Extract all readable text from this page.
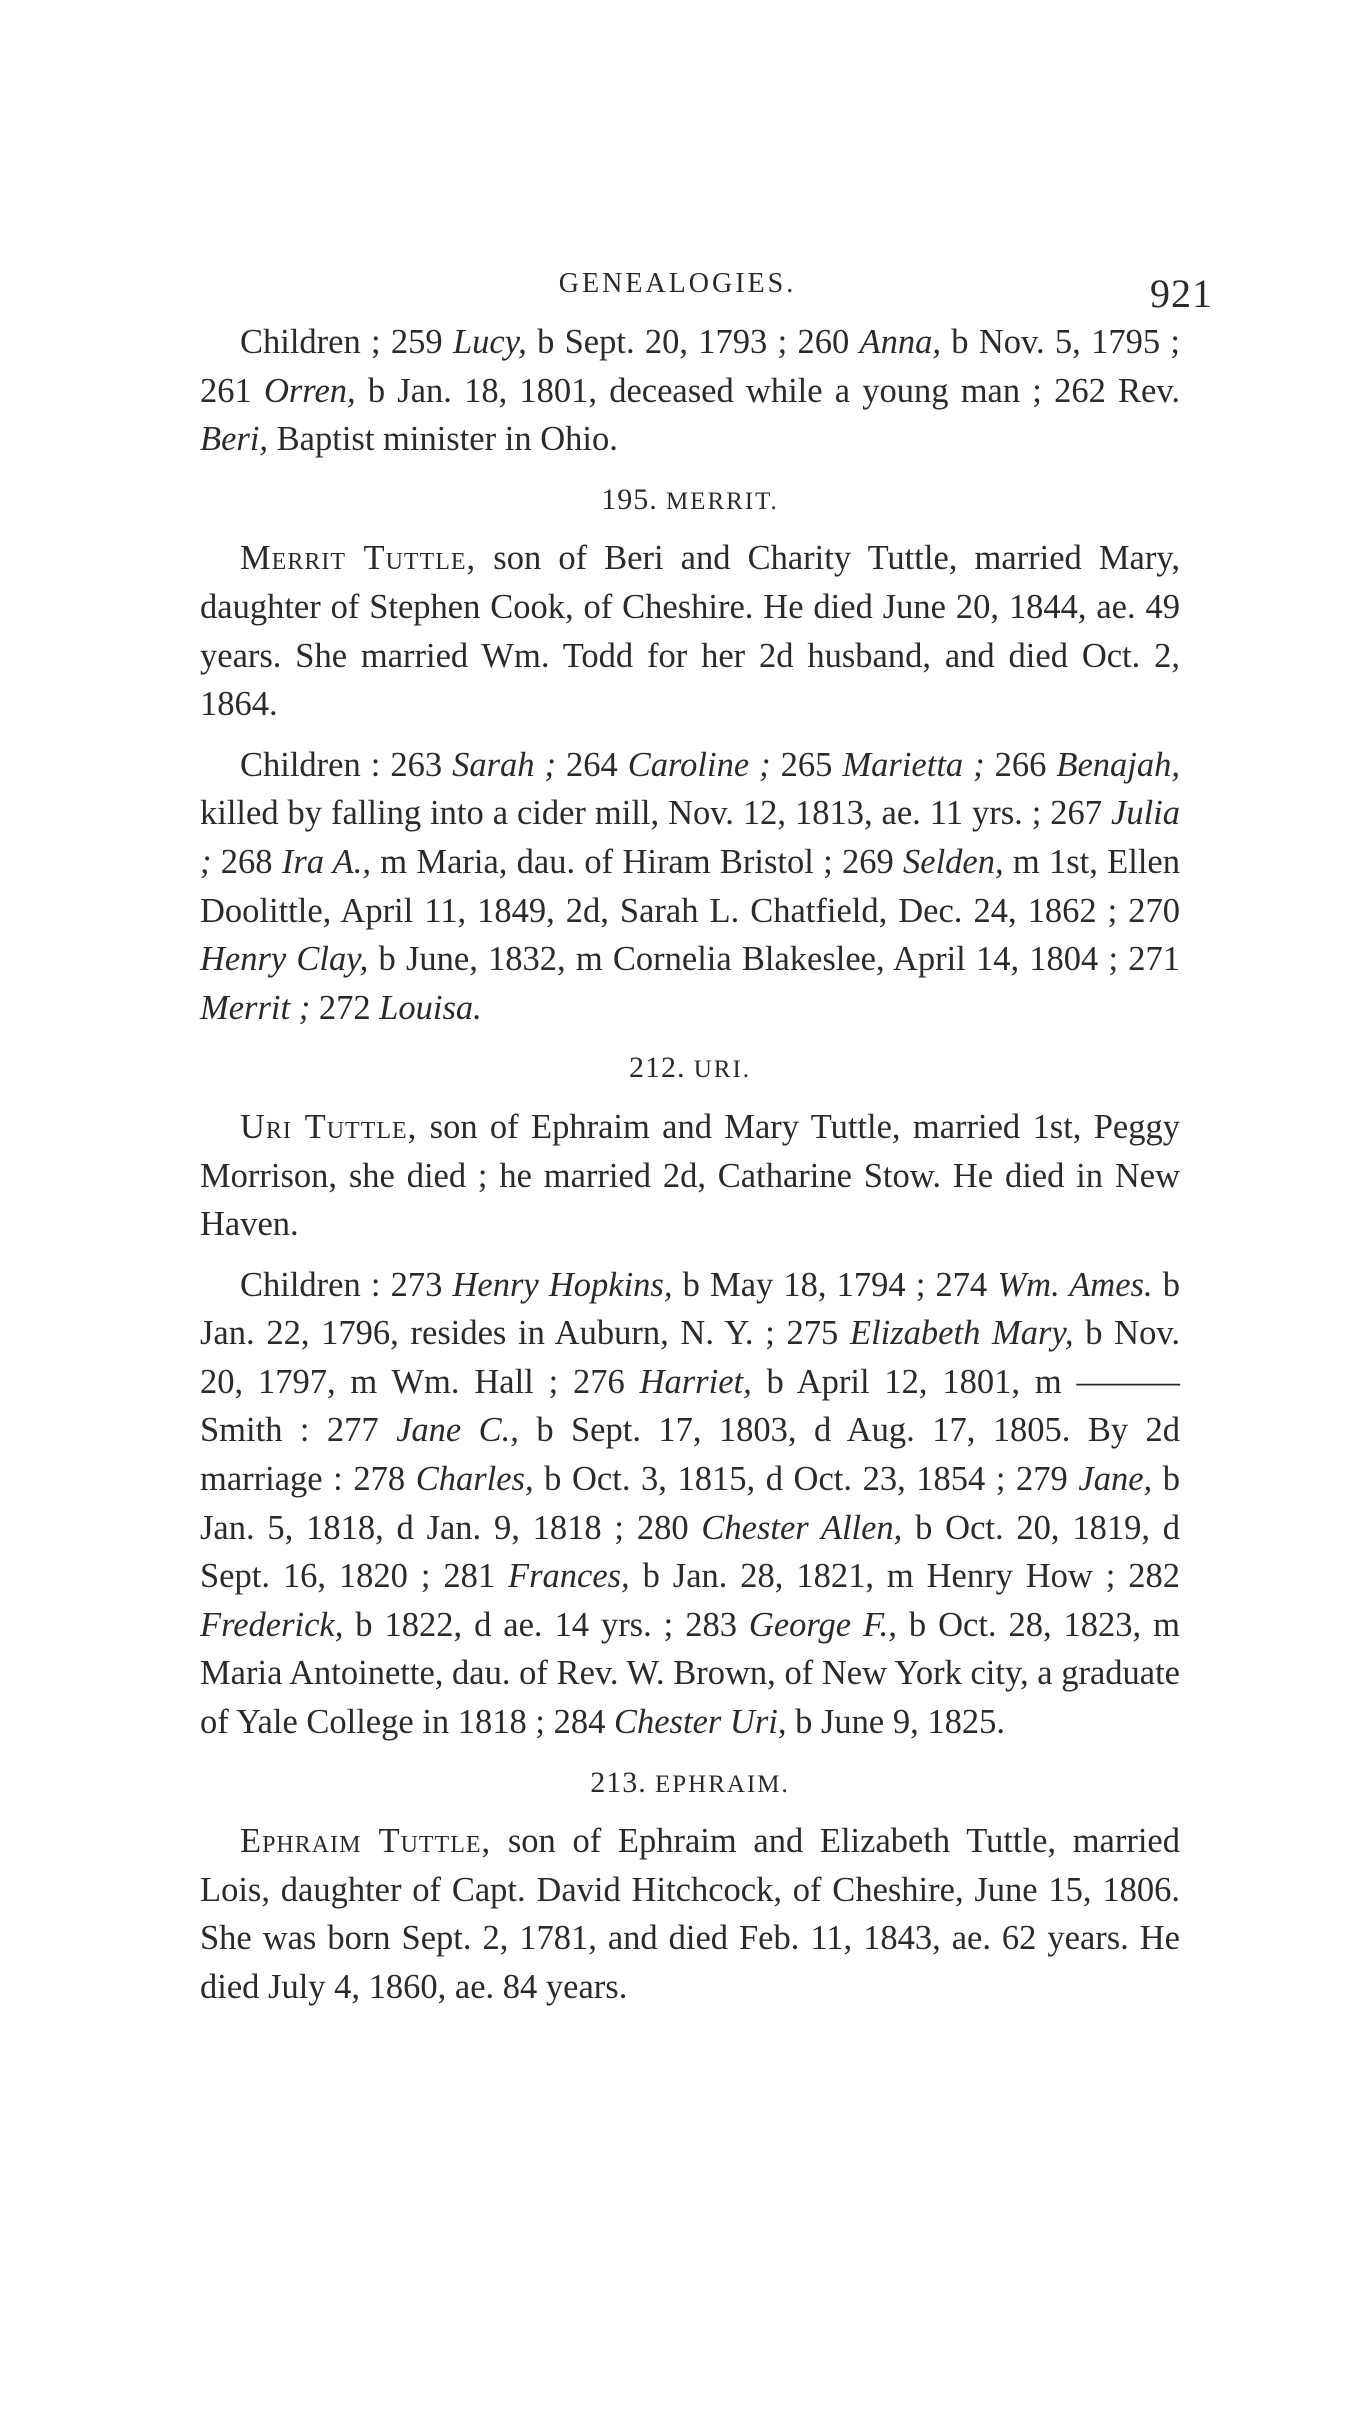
GENEALOGIES.	921

Children ; 259 Lucy, b Sept. 20, 1793 ; 260 Anna, b Nov. 5, 1795 ; 261 Orren, b Jan. 18, 1801, deceased while a young man ; 262 Rev. Beri, Baptist minister in Ohio.

195. MERRIT.

Merrit Tuttle, son of Beri and Charity Tuttle, married Mary, daughter of Stephen Cook, of Cheshire. He died June 20, 1844, ae. 49 years. She married Wm. Todd for her 2d husband, and died Oct. 2, 1864.

Children : 263 Sarah ; 264 Caroline ; 265 Marietta ; 266 Benajah, killed by falling into a cider mill, Nov. 12, 1813, ae. 11 yrs. ; 267 Julia ; 268 Ira A., m Maria, dau. of Hiram Bristol ; 269 Selden, m 1st, Ellen Doolittle, April 11, 1849, 2d, Sarah L. Chatfield, Dec. 24, 1862 ; 270 Henry Clay, b June, 1832, m Cornelia Blakeslee, April 14, 1804 ; 271 Merrit ; 272 Louisa.

212. URI.

Uri Tuttle, son of Ephraim and Mary Tuttle, married 1st, Peggy Morrison, she died ; he married 2d, Catharine Stow. He died in New Haven.

Children : 273 Henry Hopkins, b May 18, 1794 ; 274 Wm. Ames. b Jan. 22, 1796, resides in Auburn, N. Y. ; 275 Elizabeth Mary, b Nov. 20, 1797, m Wm. Hall ; 276 Harriet, b April 12, 1801, m ——— Smith : 277 Jane C., b Sept. 17, 1803, d Aug. 17, 1805. By 2d marriage : 278 Charles, b Oct. 3, 1815, d Oct. 23, 1854 ; 279 Jane, b Jan. 5, 1818, d Jan. 9, 1818 ; 280 Chester Allen, b Oct. 20, 1819, d Sept. 16, 1820 ; 281 Frances, b Jan. 28, 1821, m Henry How ; 282 Frederick, b 1822, d ae. 14 yrs. ; 283 George F., b Oct. 28, 1823, m Maria Antoinette, dau. of Rev. W. Brown, of New York city, a graduate of Yale College in 1818 ; 284 Chester Uri, b June 9, 1825.

213. EPHRAIM.

Ephraim Tuttle, son of Ephraim and Elizabeth Tuttle, married Lois, daughter of Capt. David Hitchcock, of Cheshire, June 15, 1806. She was born Sept. 2, 1781, and died Feb. 11, 1843, ae. 62 years. He died July 4, 1860, ae. 84 years.
